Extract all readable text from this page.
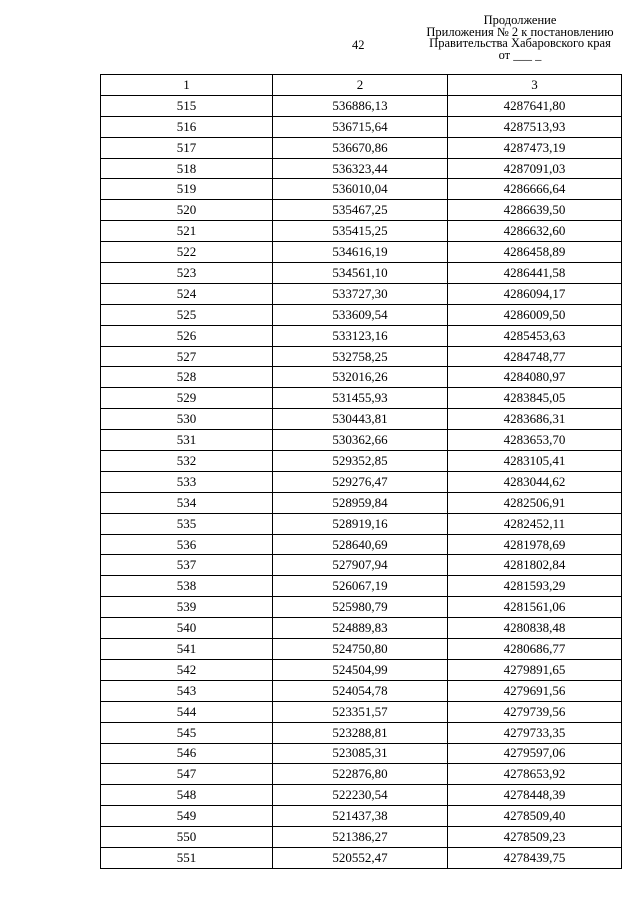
42
Продолжение
Приложения № 2 к постановлению
Правительства Хабаровского края
от ___ _
1	2	3
515	536886,13	4287641,80
516	536715,64	4287513,93
517	536670,86	4287473,19
518	536323,44	4287091,03
519	536010,04	4286666,64
520	535467,25	4286639,50
521	535415,25	4286632,60
522	534616,19	4286458,89
523	534561,10	4286441,58
524	533727,30	4286094,17
525	533609,54	4286009,50
526	533123,16	4285453,63
527	532758,25	4284748,77
528	532016,26	4284080,97
529	531455,93	4283845,05
530	530443,81	4283686,31
531	530362,66	4283653,70
532	529352,85	4283105,41
533	529276,47	4283044,62
534	528959,84	4282506,91
535	528919,16	4282452,11
536	528640,69	4281978,69
537	527907,94	4281802,84
538	526067,19	4281593,29
539	525980,79	4281561,06
540	524889,83	4280838,48
541	524750,80	4280686,77
542	524504,99	4279891,65
543	524054,78	4279691,56
544	523351,57	4279739,56
545	523288,81	4279733,35
546	523085,31	4279597,06
547	522876,80	4278653,92
548	522230,54	4278448,39
549	521437,38	4278509,40
550	521386,27	4278509,23
551	520552,47	4278439,75
